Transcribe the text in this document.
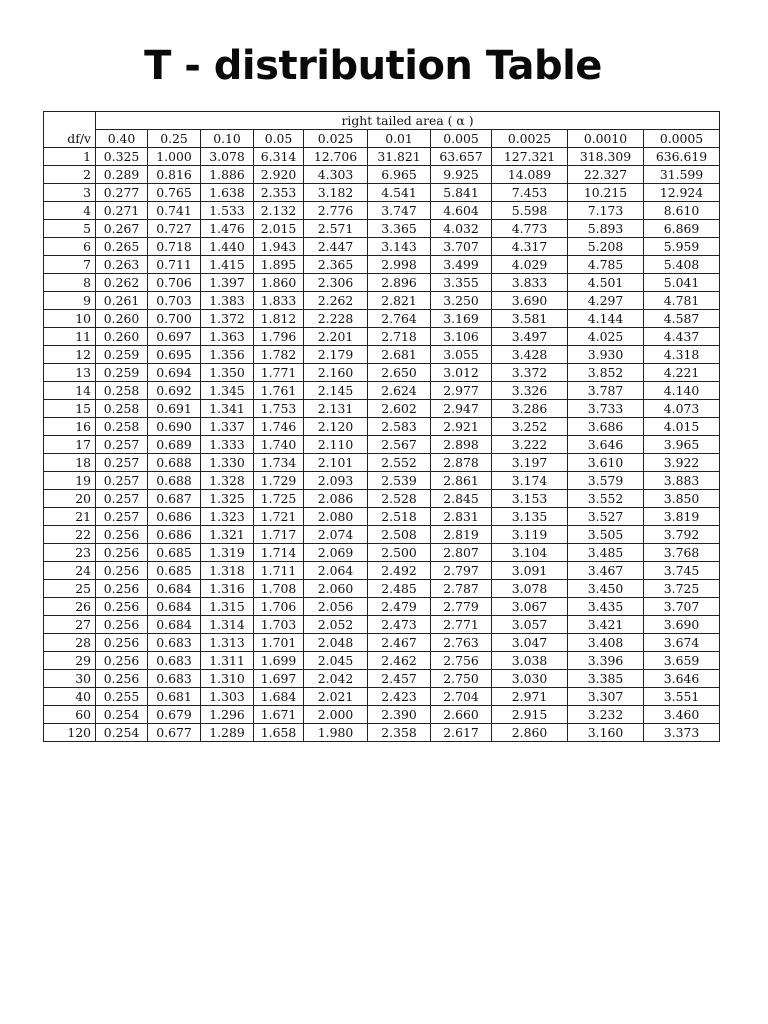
T - distribution Table
	right tailed area ( α )									
df/v	0.40	0.25	0.10	0.05	0.025	0.01	0.005	0.0025	0.0010	0.0005
1	0.325	1.000	3.078	6.314	12.706	31.821	63.657	127.321	318.309	636.619
2	0.289	0.816	1.886	2.920	4.303	6.965	9.925	14.089	22.327	31.599
3	0.277	0.765	1.638	2.353	3.182	4.541	5.841	7.453	10.215	12.924
4	0.271	0.741	1.533	2.132	2.776	3.747	4.604	5.598	7.173	8.610
5	0.267	0.727	1.476	2.015	2.571	3.365	4.032	4.773	5.893	6.869
6	0.265	0.718	1.440	1.943	2.447	3.143	3.707	4.317	5.208	5.959
7	0.263	0.711	1.415	1.895	2.365	2.998	3.499	4.029	4.785	5.408
8	0.262	0.706	1.397	1.860	2.306	2.896	3.355	3.833	4.501	5.041
9	0.261	0.703	1.383	1.833	2.262	2.821	3.250	3.690	4.297	4.781
10	0.260	0.700	1.372	1.812	2.228	2.764	3.169	3.581	4.144	4.587
11	0.260	0.697	1.363	1.796	2.201	2.718	3.106	3.497	4.025	4.437
12	0.259	0.695	1.356	1.782	2.179	2.681	3.055	3.428	3.930	4.318
13	0.259	0.694	1.350	1.771	2.160	2.650	3.012	3.372	3.852	4.221
14	0.258	0.692	1.345	1.761	2.145	2.624	2.977	3.326	3.787	4.140
15	0.258	0.691	1.341	1.753	2.131	2.602	2.947	3.286	3.733	4.073
16	0.258	0.690	1.337	1.746	2.120	2.583	2.921	3.252	3.686	4.015
17	0.257	0.689	1.333	1.740	2.110	2.567	2.898	3.222	3.646	3.965
18	0.257	0.688	1.330	1.734	2.101	2.552	2.878	3.197	3.610	3.922
19	0.257	0.688	1.328	1.729	2.093	2.539	2.861	3.174	3.579	3.883
20	0.257	0.687	1.325	1.725	2.086	2.528	2.845	3.153	3.552	3.850
21	0.257	0.686	1.323	1.721	2.080	2.518	2.831	3.135	3.527	3.819
22	0.256	0.686	1.321	1.717	2.074	2.508	2.819	3.119	3.505	3.792
23	0.256	0.685	1.319	1.714	2.069	2.500	2.807	3.104	3.485	3.768
24	0.256	0.685	1.318	1.711	2.064	2.492	2.797	3.091	3.467	3.745
25	0.256	0.684	1.316	1.708	2.060	2.485	2.787	3.078	3.450	3.725
26	0.256	0.684	1.315	1.706	2.056	2.479	2.779	3.067	3.435	3.707
27	0.256	0.684	1.314	1.703	2.052	2.473	2.771	3.057	3.421	3.690
28	0.256	0.683	1.313	1.701	2.048	2.467	2.763	3.047	3.408	3.674
29	0.256	0.683	1.311	1.699	2.045	2.462	2.756	3.038	3.396	3.659
30	0.256	0.683	1.310	1.697	2.042	2.457	2.750	3.030	3.385	3.646
40	0.255	0.681	1.303	1.684	2.021	2.423	2.704	2.971	3.307	3.551
60	0.254	0.679	1.296	1.671	2.000	2.390	2.660	2.915	3.232	3.460
120	0.254	0.677	1.289	1.658	1.980	2.358	2.617	2.860	3.160	3.373
